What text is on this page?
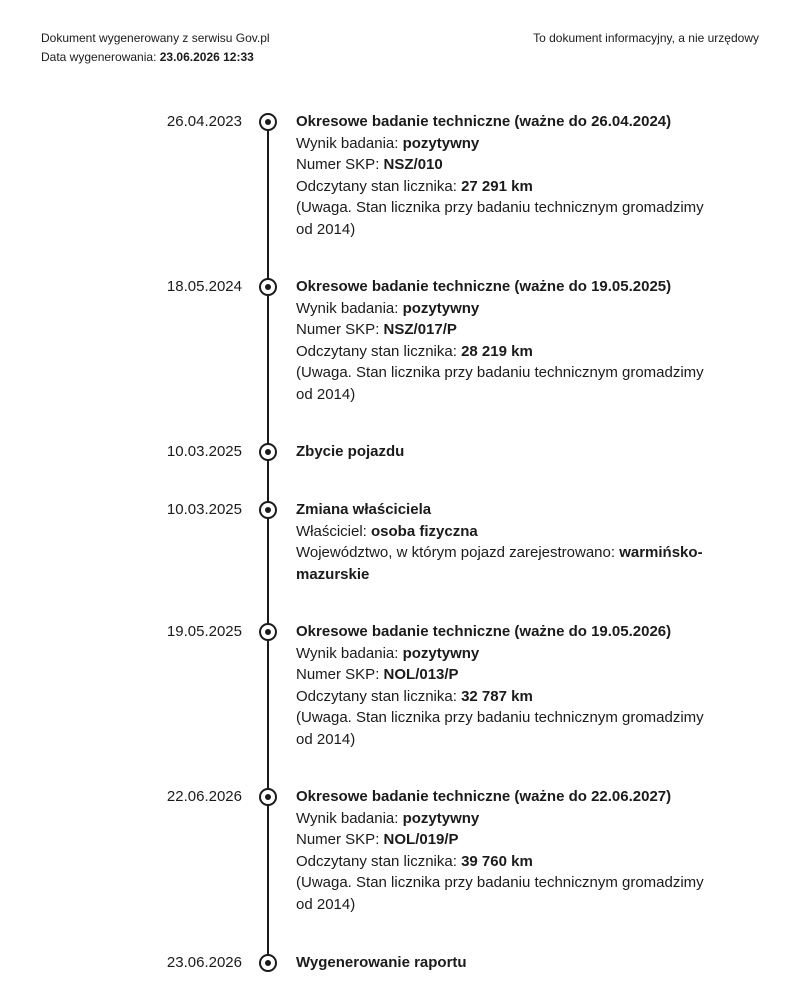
Dokument wygenerowany z serwisu Gov.pl
Data wygenerowania: 23.06.2026 12:33
To dokument informacyjny, a nie urzędowy
26.04.2023	Okresowe badanie techniczne (ważne do 26.04.2024)
Wynik badania: pozytywny
Numer SKP: NSZ/010
Odczytany stan licznika: 27 291 km
(Uwaga. Stan licznika przy badaniu technicznym gromadzimy od 2014)
18.05.2024	Okresowe badanie techniczne (ważne do 19.05.2025)
Wynik badania: pozytywny
Numer SKP: NSZ/017/P
Odczytany stan licznika: 28 219 km
(Uwaga. Stan licznika przy badaniu technicznym gromadzimy od 2014)
10.03.2025	Zbycie pojazdu
10.03.2025	Zmiana właściciela
Właściciel: osoba fizyczna
Województwo, w którym pojazd zarejestrowano: warmińsko-mazurskie
19.05.2025	Okresowe badanie techniczne (ważne do 19.05.2026)
Wynik badania: pozytywny
Numer SKP: NOL/013/P
Odczytany stan licznika: 32 787 km
(Uwaga. Stan licznika przy badaniu technicznym gromadzimy od 2014)
22.06.2026	Okresowe badanie techniczne (ważne do 22.06.2027)
Wynik badania: pozytywny
Numer SKP: NOL/019/P
Odczytany stan licznika: 39 760 km
(Uwaga. Stan licznika przy badaniu technicznym gromadzimy od 2014)
23.06.2026	Wygenerowanie raportu
